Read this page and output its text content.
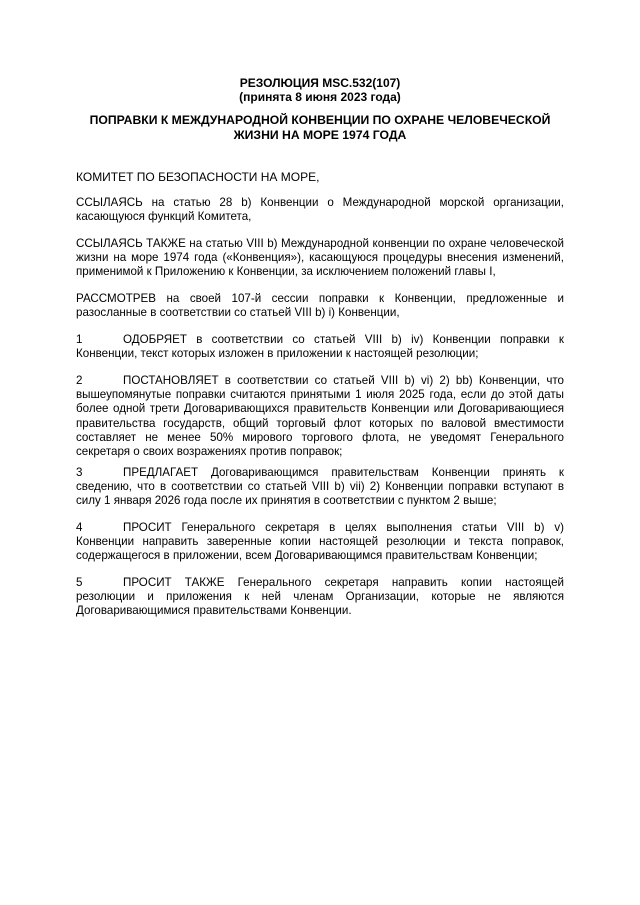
РЕЗОЛЮЦИЯ MSC.532(107)
(принята 8 июня 2023 года)
ПОПРАВКИ К МЕЖДУНАРОДНОЙ КОНВЕНЦИИ ПО ОХРАНЕ ЧЕЛОВЕЧЕСКОЙ ЖИЗНИ НА МОРЕ 1974 ГОДА
КОМИТЕТ ПО БЕЗОПАСНОСТИ НА МОРЕ,
ССЫЛАЯСЬ на статью 28 b) Конвенции о Международной морской организации, касающуюся функций Комитета,
ССЫЛАЯСЬ ТАКЖЕ на статью VIII b) Международной конвенции по охране человеческой жизни на море 1974 года («Конвенция»), касающуюся процедуры внесения изменений, применимой к Приложению к Конвенции, за исключением положений главы I,
РАССМОТРЕВ на своей 107-й сессии поправки к Конвенции, предложенные и разосланные в соответствии со статьей VIII b) i) Конвенции,
1	ОДОБРЯЕТ в соответствии со статьей VIII b) iv) Конвенции поправки к Конвенции, текст которых изложен в приложении к настоящей резолюции;
2	ПОСТАНОВЛЯЕТ в соответствии со статьей VIII b) vi) 2) bb) Конвенции, что вышеупомянутые поправки считаются принятыми 1 июля 2025 года, если до этой даты более одной трети Договаривающихся правительств Конвенции или Договаривающиеся правительства государств, общий торговый флот которых по валовой вместимости составляет не менее 50% мирового торгового флота, не уведомят Генерального секретаря о своих возражениях против поправок;
3	ПРЕДЛАГАЕТ Договаривающимся правительствам Конвенции принять к сведению, что в соответствии со статьей VIII b) vii) 2) Конвенции поправки вступают в силу 1 января 2026 года после их принятия в соответствии с пунктом 2 выше;
4	ПРОСИТ Генерального секретаря в целях выполнения статьи VIII b) v) Конвенции направить заверенные копии настоящей резолюции и текста поправок, содержащегося в приложении, всем Договаривающимся правительствам Конвенции;
5	ПРОСИТ ТАКЖЕ Генерального секретаря направить копии настоящей резолюции и приложения к ней членам Организации, которые не являются Договаривающимися правительствами Конвенции.
